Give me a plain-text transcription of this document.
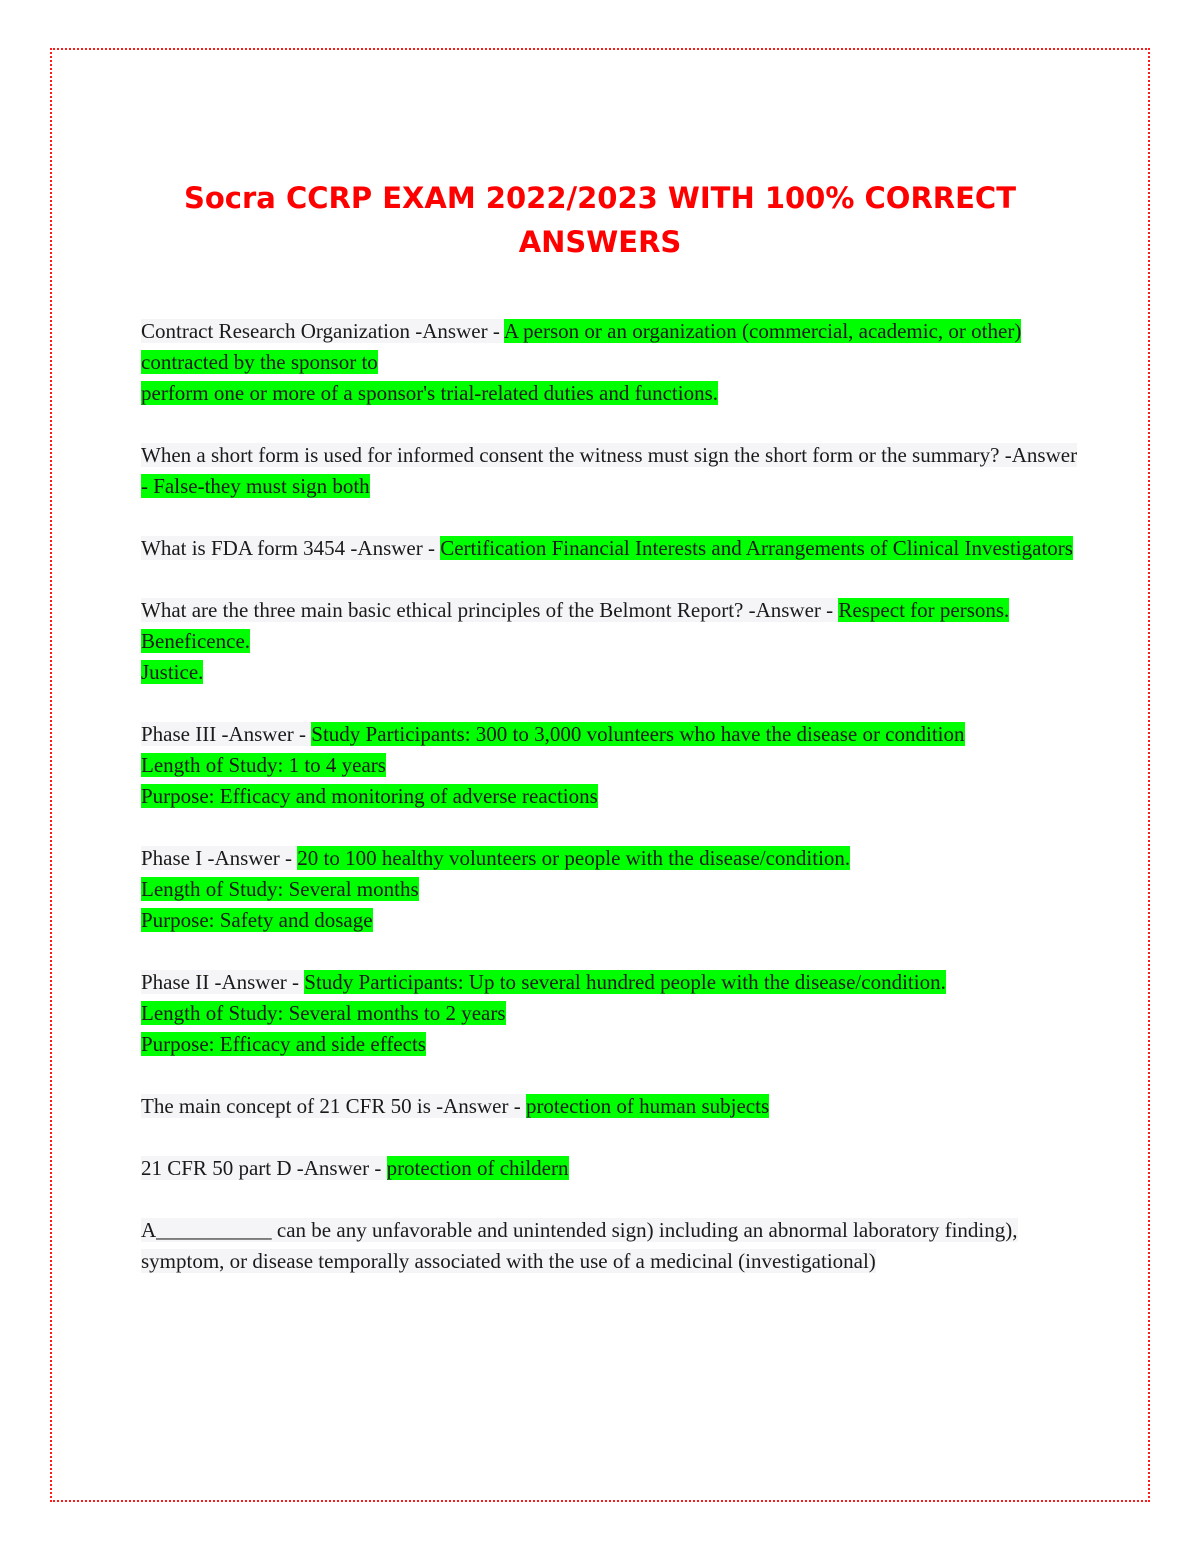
Socra CCRP EXAM 2022/2023 WITH 100% CORRECT ANSWERS
Contract Research Organization -Answer - A person or an organization (commercial, academic, or other) contracted by the sponsor to
perform one or more of a sponsor's trial-related duties and functions.
When a short form is used for informed consent the witness must sign the short form or the summary? -Answer - False-they must sign both
What is FDA form 3454 -Answer - Certification Financial Interests and Arrangements of Clinical Investigators
What are the three main basic ethical principles of the Belmont Report? -Answer - Respect for persons.
Beneficence.
Justice.
Phase III -Answer - Study Participants: 300 to 3,000 volunteers who have the disease or condition
Length of Study: 1 to 4 years
Purpose: Efficacy and monitoring of adverse reactions
Phase I -Answer - 20 to 100 healthy volunteers or people with the disease/condition.
Length of Study: Several months
Purpose: Safety and dosage
Phase II -Answer - Study Participants: Up to several hundred people with the disease/condition.
Length of Study: Several months to 2 years
Purpose: Efficacy and side effects
The main concept of 21 CFR 50 is -Answer - protection of human subjects
21 CFR 50 part D -Answer - protection of childern
A___________ can be any unfavorable and unintended sign) including an abnormal laboratory finding), symptom, or disease temporally associated with the use of a medicinal (investigational)
